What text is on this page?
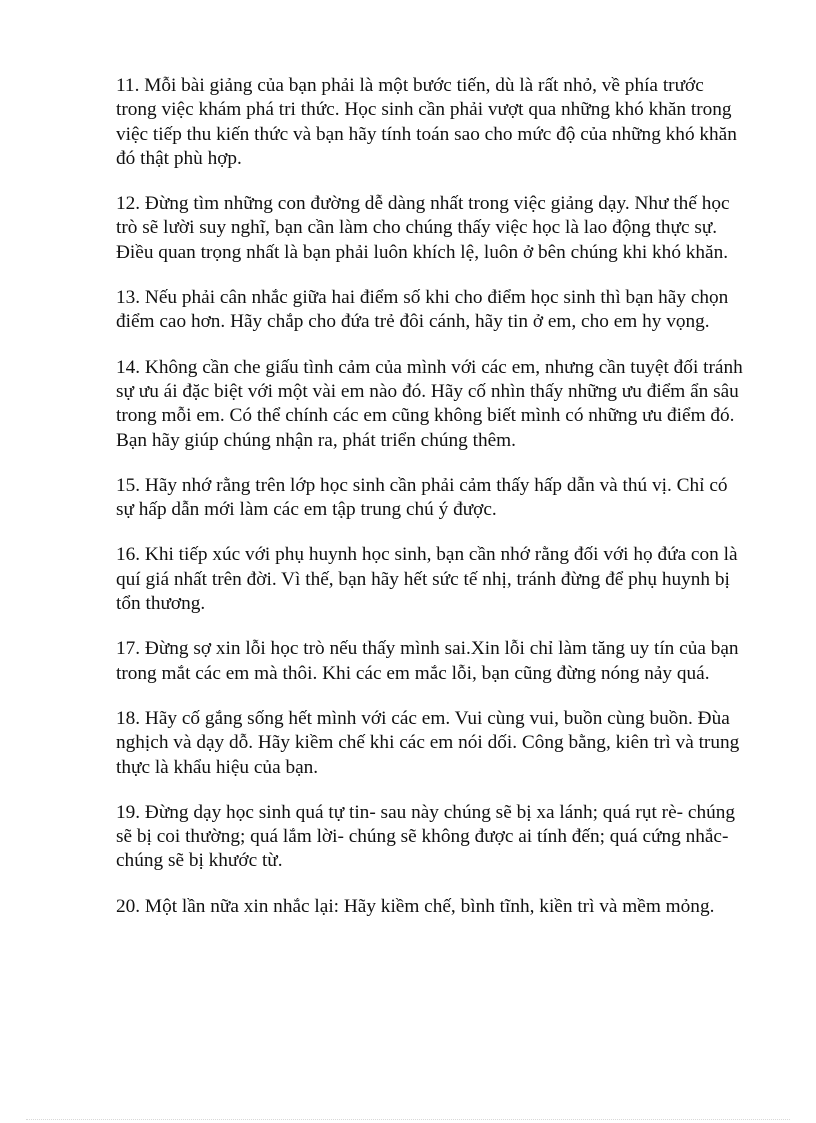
11. Mỗi bài giảng của bạn phải là một bước tiến, dù là rất nhỏ, về phía trước trong việc khám phá tri thức. Học sinh cần phải vượt qua những khó khăn trong việc tiếp thu kiến thức và bạn hãy tính toán sao cho mức độ của những khó khăn đó thật phù hợp.

12. Đừng tìm những con đường dễ dàng nhất trong việc giảng dạy. Như thế học trò sẽ lười suy nghĩ, bạn cần làm cho chúng thấy việc học là lao động thực sự. Điều quan trọng nhất là bạn phải luôn khích lệ, luôn ở bên chúng khi khó khăn.

13. Nếu phải cân nhắc giữa hai điểm số khi cho điểm học sinh thì bạn hãy chọn điểm cao hơn. Hãy chắp cho đứa trẻ đôi cánh, hãy tin ở em, cho em hy vọng.

14. Không cần che giấu tình cảm của mình với các em, nhưng cần tuyệt đối tránh sự ưu ái đặc biệt với một vài em nào đó. Hãy cố nhìn thấy những ưu điểm ẩn sâu trong mỗi em. Có thể chính các em cũng không biết mình có những ưu điểm đó. Bạn hãy giúp chúng nhận ra, phát triển chúng thêm.

15. Hãy nhớ rằng trên lớp học sinh cần phải cảm thấy hấp dẫn và thú vị. Chỉ có sự hấp dẫn mới làm các em tập trung chú ý được.

16. Khi tiếp xúc với phụ huynh học sinh, bạn cần nhớ rằng đối với họ đứa con là quí giá nhất trên đời. Vì thế, bạn hãy hết sức tế nhị, tránh đừng để phụ huynh bị tổn thương.

17. Đừng sợ xin lỗi học trò nếu thấy mình sai.Xin lỗi chỉ làm tăng uy tín của bạn trong mắt các em mà thôi. Khi các em mắc lỗi, bạn cũng đừng nóng nảy quá.

18. Hãy cố gắng sống hết mình với các em. Vui cùng vui, buồn cùng buồn. Đùa nghịch và dạy dỗ. Hãy kiềm chế khi các em nói dối. Công bằng, kiên trì và trung thực là khẩu hiệu của bạn.

19. Đừng dạy học sinh quá tự tin- sau này chúng sẽ bị xa lánh; quá rụt rè- chúng sẽ bị coi thường; quá lắm lời- chúng sẽ không được ai tính đến; quá cứng nhắc- chúng sẽ bị khước từ.

20. Một lần nữa xin nhắc lại: Hãy kiềm chế, bình tĩnh, kiền trì và mềm mỏng.
